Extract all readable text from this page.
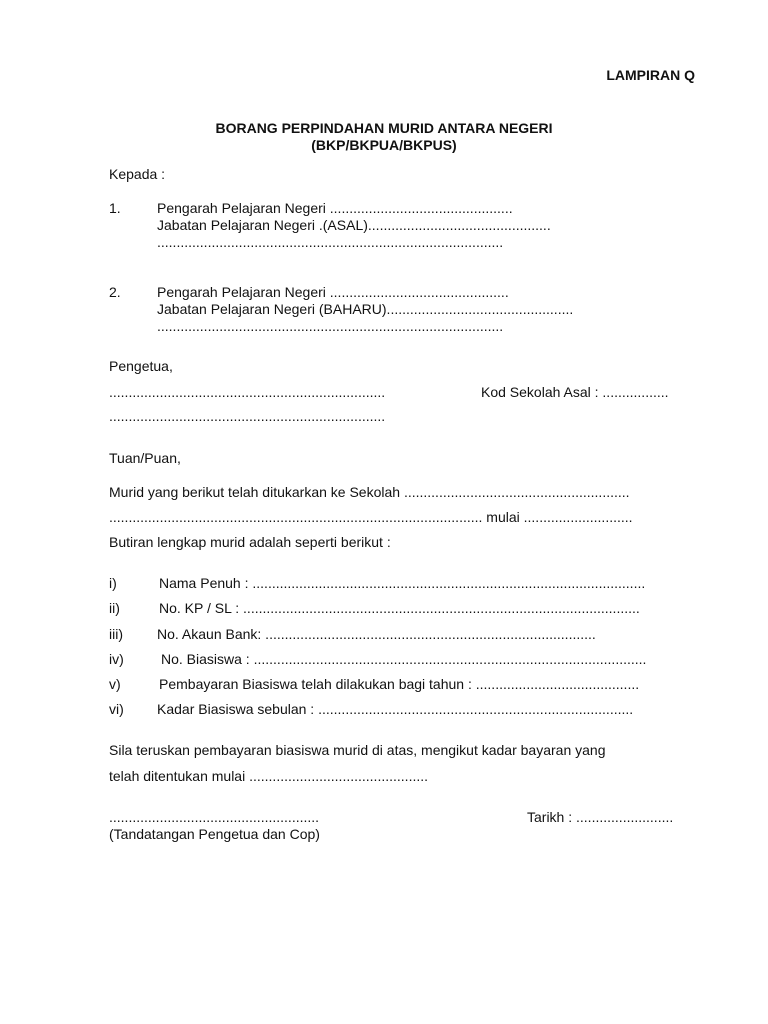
LAMPIRAN Q
BORANG PERPINDAHAN MURID ANTARA NEGERI
(BKP/BKPUA/BKPUS)
Kepada :
1.	Pengarah Pelajaran Negeri ...............................................
Jabatan Pelajaran Negeri .(ASAL)...............................................
.........................................................................................
2.	Pengarah Pelajaran Negeri ..............................................
Jabatan Pelajaran Negeri (BAHARU)................................................
.........................................................................................
Pengetua,
.......................................................................	Kod Sekolah Asal : .................
.......................................................................
Tuan/Puan,
Murid yang berikut telah ditukarkan ke Sekolah ..........................................................
................................................................................................ mulai ............................
Butiran lengkap murid adalah seperti berikut :
i)	Nama Penuh : .....................................................................................................
ii)	No. KP / SL : ......................................................................................................
iii) No. Akaun Bank: .....................................................................................
iv)	No. Biasiswa : .....................................................................................................
v)	Pembayaran Biasiswa telah dilakukan bagi tahun : ..........................................
vi) Kadar Biasiswa sebulan : .................................................................................
Sila teruskan pembayaran biasiswa murid di atas, mengikut kadar bayaran yang
telah ditentukan mulai ..............................................
......................................................	Tarikh : .........................
(Tandatangan Pengetua dan Cop)
